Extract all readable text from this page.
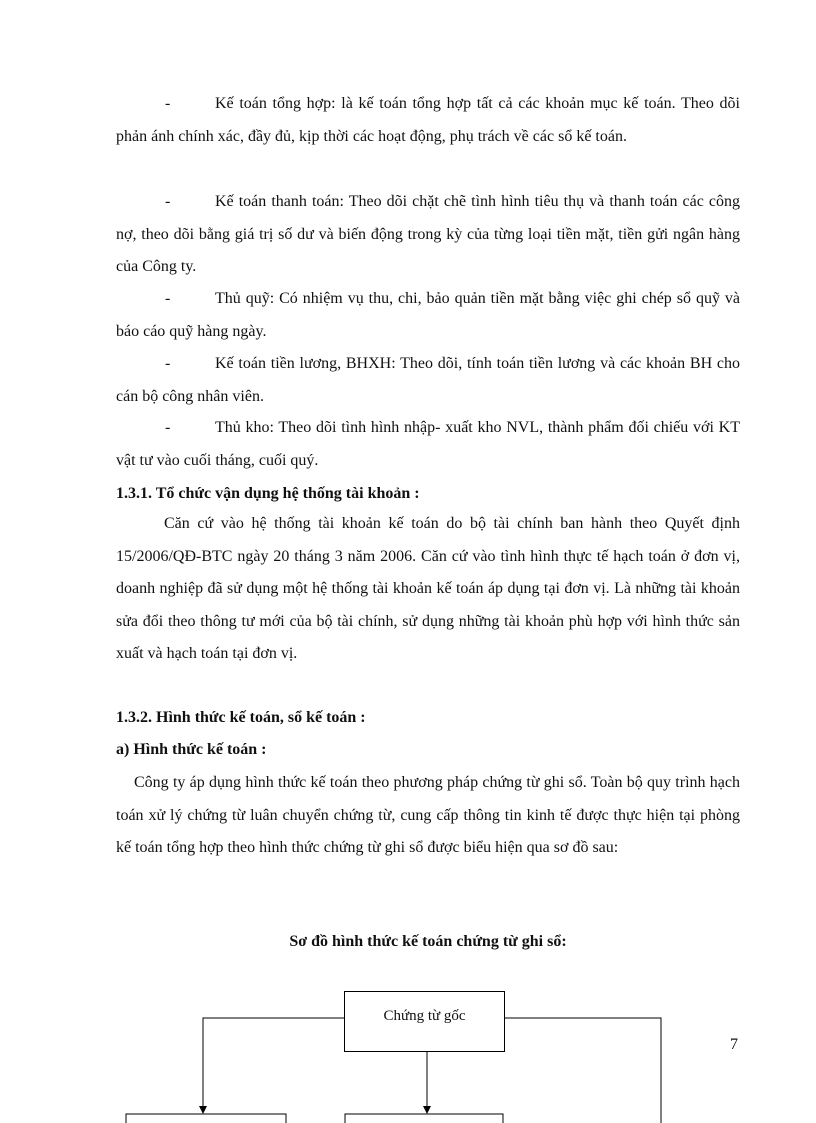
-	Kế toán tổng hợp: là kế toán tổng hợp tất cả các khoản mục kế toán. Theo dõi phản ánh chính xác, đầy đủ, kịp thời các hoạt động, phụ trách về các sổ kế toán.

-	Kế toán thanh toán: Theo dõi chặt chẽ tình hình tiêu thụ và thanh toán các công nợ, theo dõi bằng giá trị số dư và biến động trong kỳ của từng loại tiền mặt, tiền gửi ngân hàng của Công ty.

-	Thủ quỹ: Có nhiệm vụ thu, chi, bảo quản tiền mặt bằng việc ghi chép sổ quỹ và báo cáo quỹ hàng ngày.

-	Kế toán tiền lương, BHXH: Theo dõi, tính toán tiền lương và các khoản BH cho cán bộ công nhân viên.

-	Thủ kho: Theo dõi tình hình nhập- xuất kho NVL, thành phẩm đối chiếu với KT vật tư vào cuối tháng, cuối quý.

1.3.1. Tổ chức vận dụng hệ thống tài khoản :

Căn cứ vào hệ thống tài khoản kế toán do bộ tài chính ban hành theo Quyết định 15/2006/QĐ-BTC ngày 20 tháng 3 năm 2006. Căn cứ vào tình hình thực tế hạch toán ở đơn vị, doanh nghiệp đã sử dụng một hệ thống tài khoản kế toán áp dụng tại đơn vị. Là những tài khoản sửa đổi theo thông tư mới của bộ tài chính, sử dụng những tài khoản phù hợp với hình thức sản xuất và hạch toán tại đơn vị.

1.3.2. Hình thức kế toán, sổ kế toán :

a) Hình thức kế toán :

Công ty áp dụng hình thức kế toán theo phương pháp chứng từ ghi sổ. Toàn bộ quy trình hạch toán xử lý chứng từ luân chuyển chứng từ, cung cấp thông tin kinh tế được thực hiện tại phòng kế toán tổng hợp theo hình thức chứng từ ghi sổ được biểu hiện qua sơ đồ sau:

Sơ đồ hình thức kế toán chứng từ ghi sổ:

Chứng từ gốc
7
